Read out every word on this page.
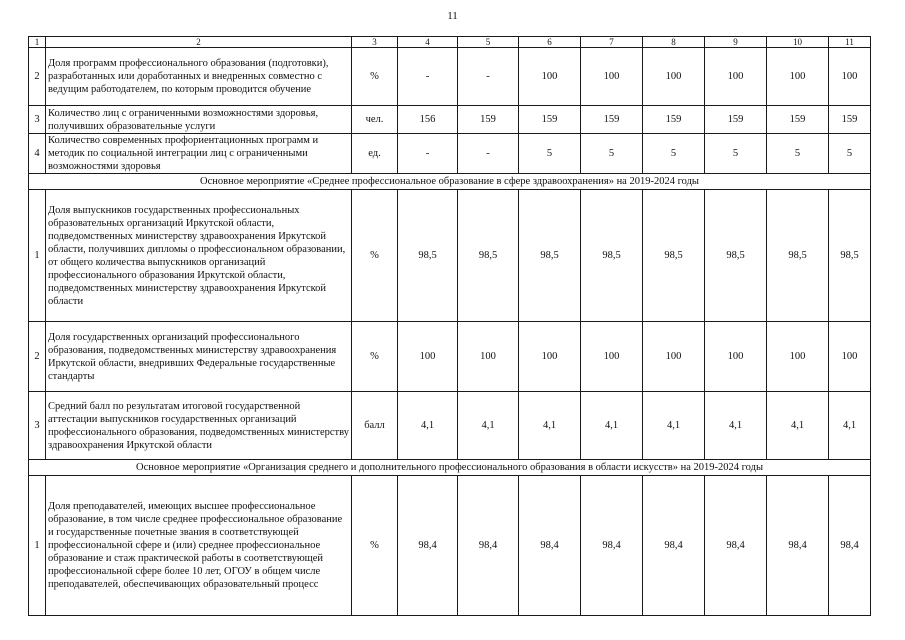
11
1	2	3	4	5	6	7	8	9	10	11
2	Доля программ профессионального образования (подготовки), разработанных или доработанных и внедренных совместно с ведущим работодателем, по которым проводится обучение	%	-	-	100	100	100	100	100	100
3	Количество лиц с ограниченными возможностями здоровья, получивших образовательные услуги	чел.	156	159	159	159	159	159	159	159
4	Количество современных профориентационных программ и методик по социальной интеграции лиц с ограниченными возможностями здоровья	ед.	-	-	5	5	5	5	5	5
Основное мероприятие «Среднее профессиональное образование в сфере здравоохранения» на 2019-2024 годы										
1	Доля выпускников государственных профессиональных образовательных организаций Иркутской области, подведомственных министерству здравоохранения Иркутской области, получивших дипломы о профессиональном образовании, от общего количества выпускников организаций профессионального образования Иркутской области, подведомственных министерству здравоохранения Иркутской области	%	98,5	98,5	98,5	98,5	98,5	98,5	98,5	98,5
2	Доля государственных организаций профессионального образования, подведомственных министерству здравоохранения Иркутской области, внедривших Федеральные государственные стандарты	%	100	100	100	100	100	100	100	100
3	Средний балл по результатам итоговой государственной аттестации выпускников государственных организаций профессионального образования, подведомственных министерству здравоохранения Иркутской области	балл	4,1	4,1	4,1	4,1	4,1	4,1	4,1	4,1
Основное мероприятие «Организация среднего и дополнительного профессионального образования в области искусств» на 2019-2024 годы										
1	Доля преподавателей, имеющих высшее профессиональное образование, в том числе среднее профессиональное образование и государственные почетные звания в соответствующей профессиональной сфере и (или) среднее профессиональное образование и стаж практической работы в соответствующей профессиональной сфере более 10 лет, ОГОУ в общем числе преподавателей, обеспечивающих образовательный процесс	%	98,4	98,4	98,4	98,4	98,4	98,4	98,4	98,4
